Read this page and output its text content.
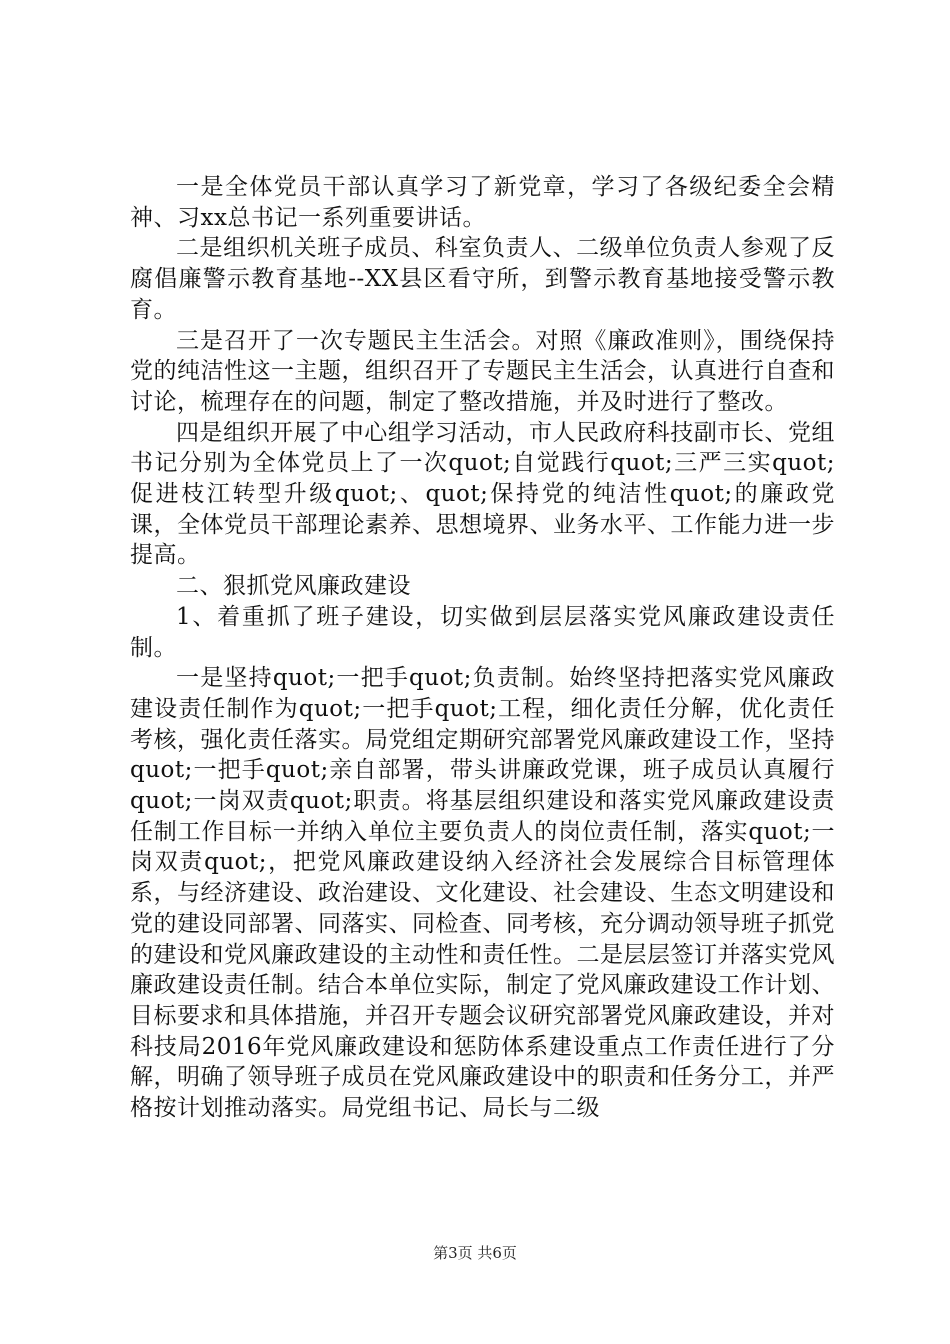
一是全体党员干部认真学习了新党章，学习了各级纪委全会精神、习xx总书记一系列重要讲话。

二是组织机关班子成员、科室负责人、二级单位负责人参观了反腐倡廉警示教育基地--XX县区看守所，到警示教育基地接受警示教育。

三是召开了一次专题民主生活会。对照《廉政准则》，围绕保持党的纯洁性这一主题，组织召开了专题民主生活会，认真进行自查和讨论，梳理存在的问题，制定了整改措施，并及时进行了整改。

四是组织开展了中心组学习活动，市人民政府科技副市长、党组书记分别为全体党员上了一次quot;自觉践行quot;三严三实quot;促进枝江转型升级quot;、quot;保持党的纯洁性quot;的廉政党课，全体党员干部理论素养、思想境界、业务水平、工作能力进一步提高。

二、狠抓党风廉政建设

1、着重抓了班子建设，切实做到层层落实党风廉政建设责任制。

一是坚持quot;一把手quot;负责制。始终坚持把落实党风廉政建设责任制作为quot;一把手quot;工程，细化责任分解，优化责任考核，强化责任落实。局党组定期研究部署党风廉政建设工作，坚持quot;一把手quot;亲自部署，带头讲廉政党课，班子成员认真履行quot;一岗双责quot;职责。将基层组织建设和落实党风廉政建设责任制工作目标一并纳入单位主要负责人的岗位责任制，落实quot;一岗双责quot;，把党风廉政建设纳入经济社会发展综合目标管理体系，与经济建设、政治建设、文化建设、社会建设、生态文明建设和党的建设同部署、同落实、同检查、同考核，充分调动领导班子抓党的建设和党风廉政建设的主动性和责任性。二是层层签订并落实党风廉政建设责任制。结合本单位实际，制定了党风廉政建设工作计划、目标要求和具体措施，并召开专题会议研究部署党风廉政建设，并对科技局2016年党风廉政建设和惩防体系建设重点工作责任进行了分解，明确了领导班子成员在党风廉政建设中的职责和任务分工，并严格按计划推动落实。局党组书记、局长与二级

第3页 共6页
